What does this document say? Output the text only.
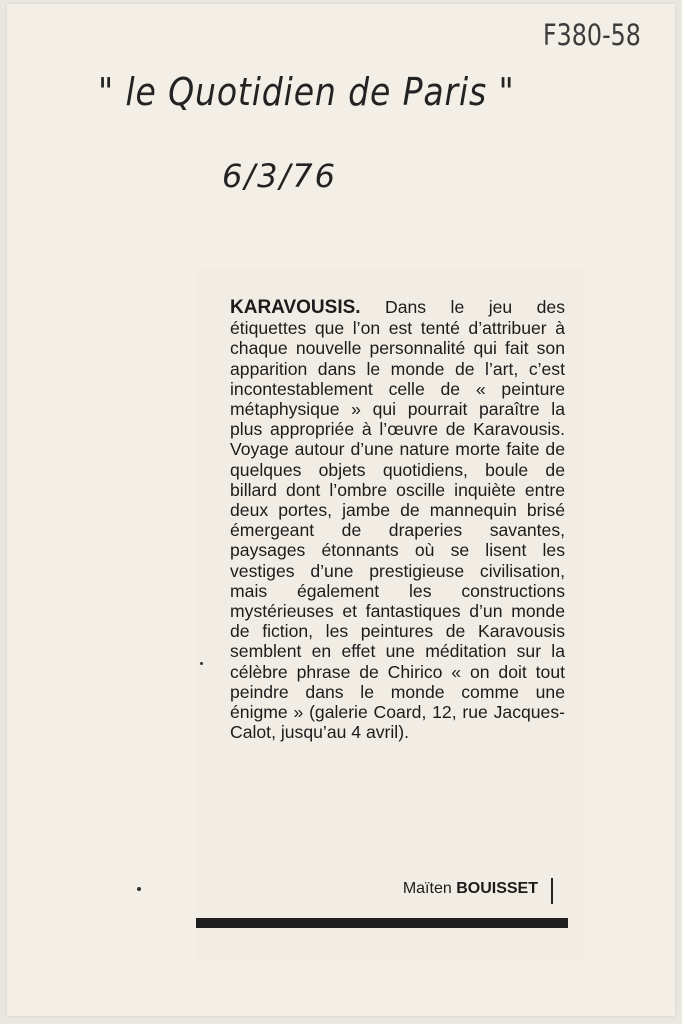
F380-58
" le Quotidien de Paris "
6/3/76
KARAVOUSIS. Dans le jeu des étiquettes que l’on est tenté d’attribuer à chaque nouvelle personnalité qui fait son apparition dans le monde de l’art, c’est incontestablement celle de « peinture métaphysique » qui pourrait paraître la plus appropriée à l’œuvre de Karavousis. Voyage autour d’une nature morte faite de quelques objets quotidiens, boule de billard dont l’ombre oscille inquiète entre deux portes, jambe de mannequin brisé émergeant de draperies savantes, paysages étonnants où se lisent les vestiges d’une prestigieuse civilisation, mais également les constructions mystérieuses et fantastiques d’un monde de fiction, les peintures de Karavousis semblent en effet une méditation sur la célèbre phrase de Chirico « on doit tout peindre dans le monde comme une énigme » (galerie Coard, 12, rue Jacques-Calot, jusqu’au 4 avril).
Maïten BOUISSET
